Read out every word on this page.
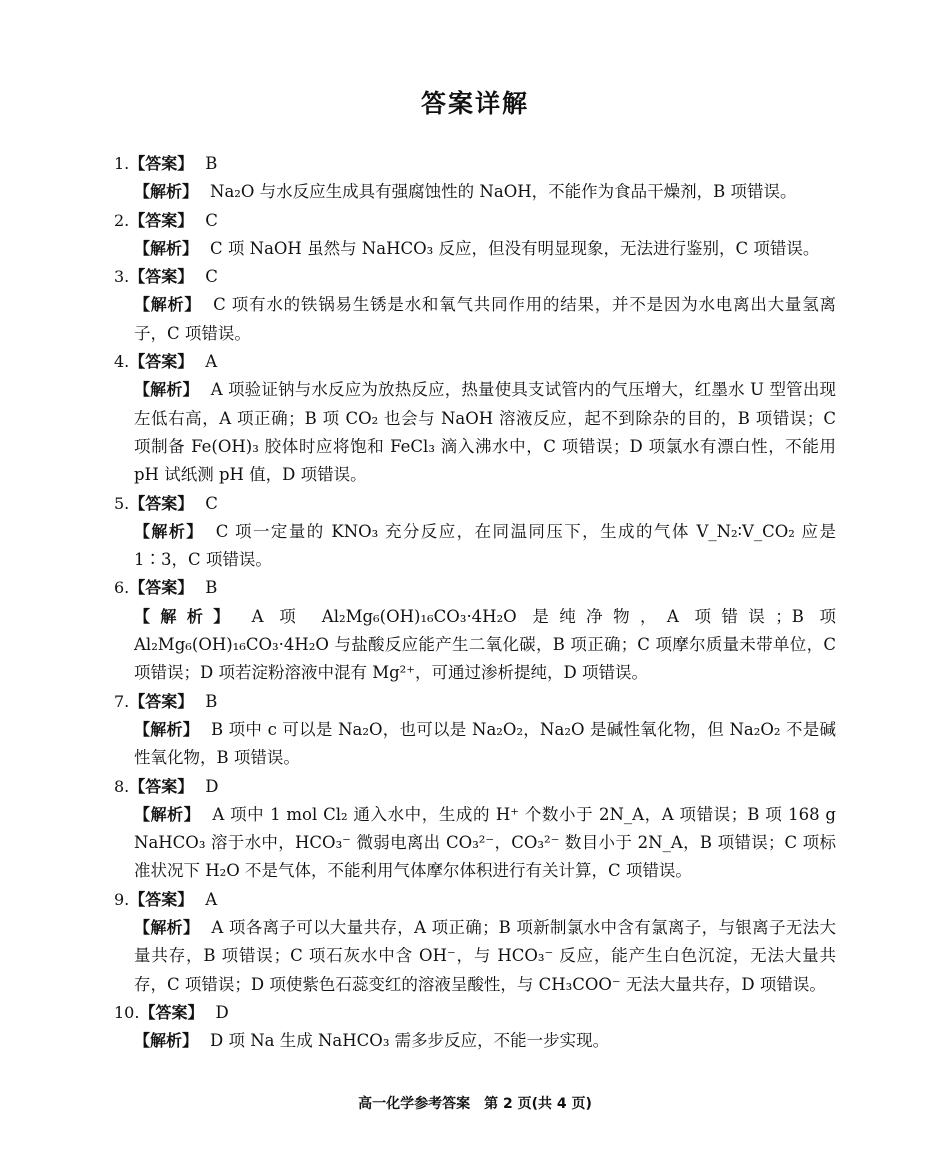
答案详解
1.【答案】 B
【解析】 Na₂O 与水反应生成具有强腐蚀性的 NaOH，不能作为食品干燥剂，B 项错误。
2.【答案】 C
【解析】 C 项 NaOH 虽然与 NaHCO₃ 反应，但没有明显现象，无法进行鉴别，C 项错误。
3.【答案】 C
【解析】 C 项有水的铁锅易生锈是水和氧气共同作用的结果，并不是因为水电离出大量氢离子，C 项错误。
4.【答案】 A
【解析】 A 项验证钠与水反应为放热反应，热量使具支试管内的气压增大，红墨水 U 型管出现左低右高，A 项正确；B 项 CO₂ 也会与 NaOH 溶液反应，起不到除杂的目的，B 项错误；C 项制备 Fe(OH)₃ 胶体时应将饱和 FeCl₃ 滴入沸水中，C 项错误；D 项氯水有漂白性，不能用 pH 试纸测 pH 值，D 项错误。
5.【答案】 C
【解析】 C 项一定量的 KNO₃ 充分反应，在同温同压下，生成的气体 V_N₂∶V_CO₂ 应是 1∶3，C 项错误。
6.【答案】 B
【解析】 A 项 Al₂Mg₆(OH)₁₆CO₃·4H₂O 是纯净物，A 项错误；B 项 Al₂Mg₆(OH)₁₆CO₃·4H₂O 与盐酸反应能产生二氧化碳，B 项正确；C 项摩尔质量未带单位，C 项错误；D 项若淀粉溶液中混有 Mg²⁺，可通过渗析提纯，D 项错误。
7.【答案】 B
【解析】 B 项中 c 可以是 Na₂O，也可以是 Na₂O₂，Na₂O 是碱性氧化物，但 Na₂O₂ 不是碱性氧化物，B 项错误。
8.【答案】 D
【解析】 A 项中 1 mol Cl₂ 通入水中，生成的 H⁺ 个数小于 2N_A，A 项错误；B 项 168 g NaHCO₃ 溶于水中，HCO₃⁻ 微弱电离出 CO₃²⁻，CO₃²⁻ 数目小于 2N_A，B 项错误；C 项标准状况下 H₂O 不是气体，不能利用气体摩尔体积进行有关计算，C 项错误。
9.【答案】 A
【解析】 A 项各离子可以大量共存，A 项正确；B 项新制氯水中含有氯离子，与银离子无法大量共存，B 项错误；C 项石灰水中含 OH⁻，与 HCO₃⁻ 反应，能产生白色沉淀，无法大量共存，C 项错误；D 项使紫色石蕊变红的溶液呈酸性，与 CH₃COO⁻ 无法大量共存，D 项错误。
10.【答案】 D
【解析】 D 项 Na 生成 NaHCO₃ 需多步反应，不能一步实现。
高一化学参考答案　第 2 页(共 4 页)
